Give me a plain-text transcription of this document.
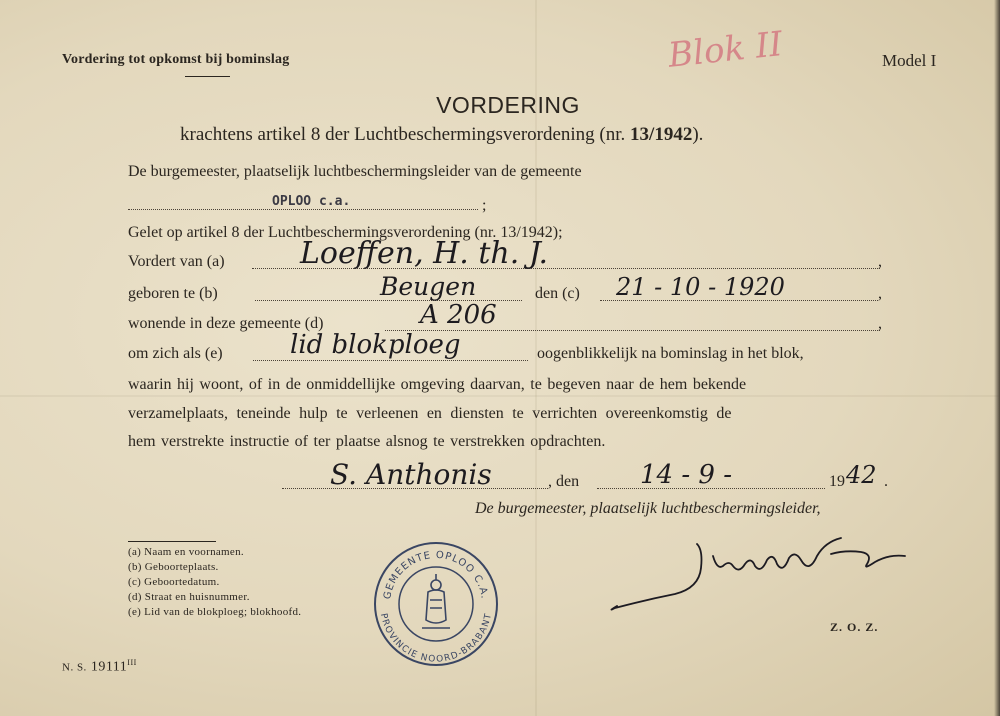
Vordering tot opkomst bij bominslag	Blok II	Model I
VORDERING
krachtens artikel 8 der Luchtbeschermingsverordening (nr. 13/1942).
De burgemeester, plaatselijk luchtbeschermingsleider van de gemeente
OPLOO c.a.	;
Gelet op artikel 8 der Luchtbeschermingsverordening (nr. 13/1942);
Vordert van (a)	Loeffen, H. th. J.	,
geboren te (b)	Beugen	den (c) 21 - 10 - 1920	,
wonende in deze gemeente (d)	A 206	,
om zich als (e)	lid blokploeg	oogenblikkelijk na bominslag in het blok,
waarin hij woont, of in de onmiddellijke omgeving daarvan, te begeven naar de hem bekende
verzamelplaats, teneinde hulp te verleenen en diensten te verrichten overeenkomstig de
hem verstrekte instructie of ter plaatse alsnog te verstrekken opdrachten.
S. Anthonis	, den 14 - 9 -	19 42 .
De burgemeester, plaatselijk luchtbeschermingsleider,
(a) Naam en voornamen.
(b) Geboorteplaats.
(c) Geboortedatum.
(d) Straat en huisnummer.
(e) Lid van de blokploeg; blokhoofd.
GEMEENTE OPLOO C.A.
PROVINCIE NOORD-BRABANT
Z. O. Z.
N. S. $19111^{III}$
